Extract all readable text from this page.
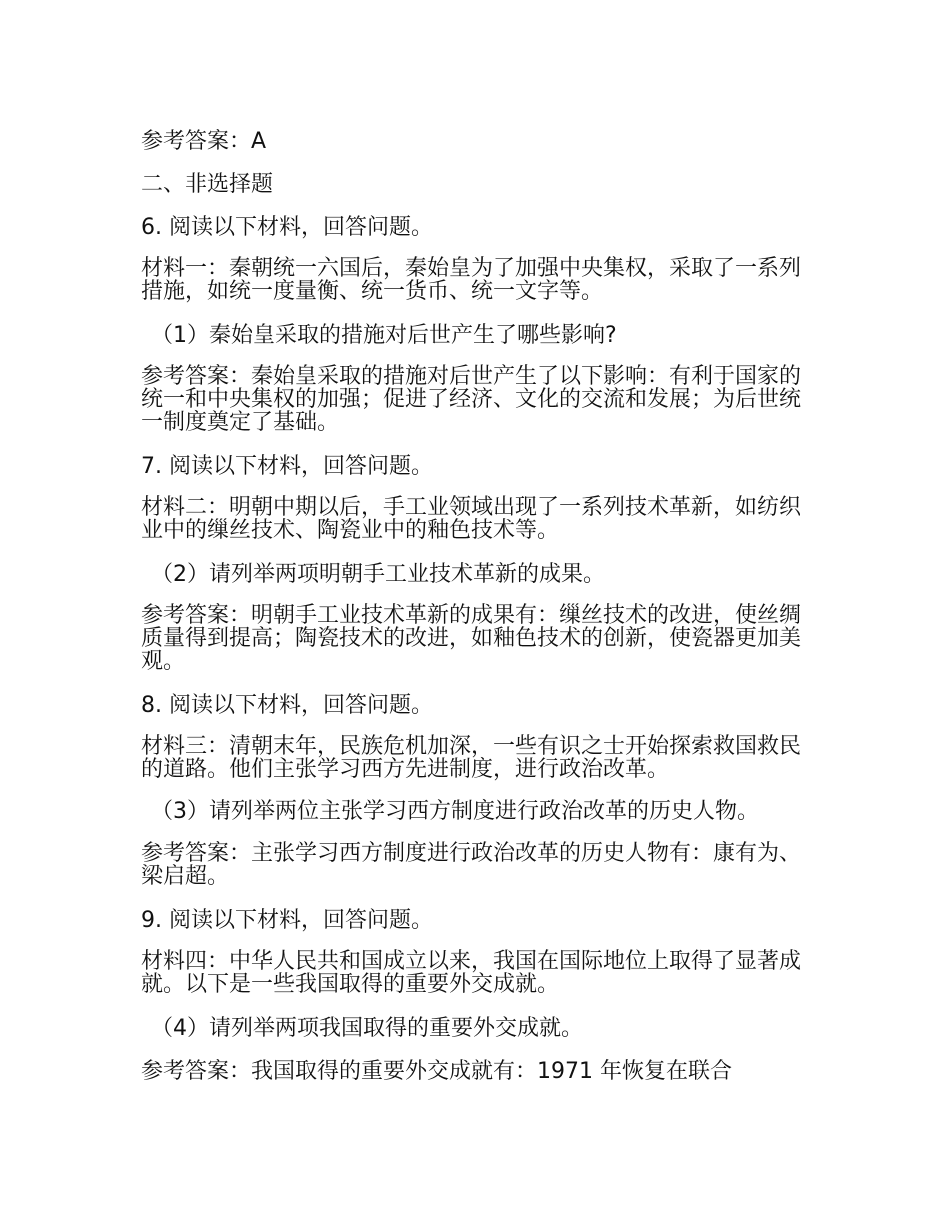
参考答案：A

二、非选择题

6. 阅读以下材料，回答问题。

材料一：秦朝统一六国后，秦始皇为了加强中央集权，采取了一系列措施，如统一度量衡、统一货币、统一文字等。

（1）秦始皇采取的措施对后世产生了哪些影响?

参考答案：秦始皇采取的措施对后世产生了以下影响：有利于国家的统一和中央集权的加强；促进了经济、文化的交流和发展；为后世统一制度奠定了基础。

7. 阅读以下材料，回答问题。

材料二：明朝中期以后，手工业领域出现了一系列技术革新，如纺织业中的缫丝技术、陶瓷业中的釉色技术等。

（2）请列举两项明朝手工业技术革新的成果。

参考答案：明朝手工业技术革新的成果有：缫丝技术的改进，使丝绸质量得到提高；陶瓷技术的改进，如釉色技术的创新，使瓷器更加美观。

8. 阅读以下材料，回答问题。

材料三：清朝末年，民族危机加深，一些有识之士开始探索救国救民的道路。他们主张学习西方先进制度，进行政治改革。

（3）请列举两位主张学习西方制度进行政治改革的历史人物。

参考答案：主张学习西方制度进行政治改革的历史人物有：康有为、梁启超。

9. 阅读以下材料，回答问题。

材料四：中华人民共和国成立以来，我国在国际地位上取得了显著成就。以下是一些我国取得的重要外交成就。

（4）请列举两项我国取得的重要外交成就。

参考答案：我国取得的重要外交成就有：1971 年恢复在联合
